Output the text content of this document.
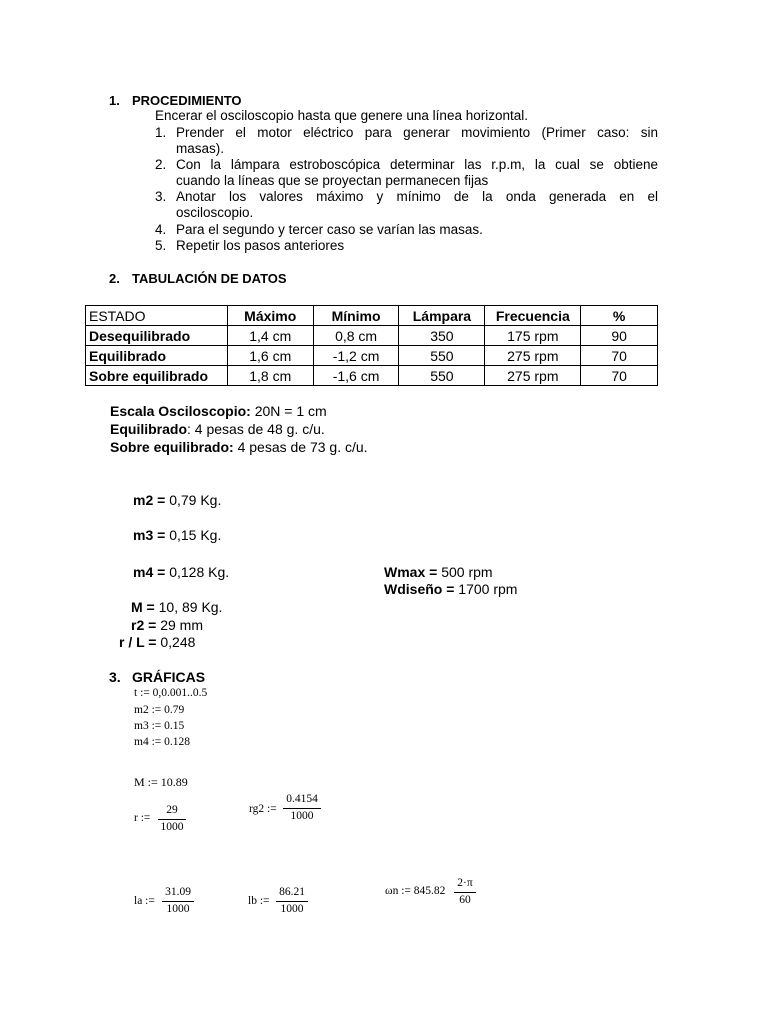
1. PROCEDIMIENTO
Encerar el osciloscopio hasta que genere una línea horizontal.
1. Prender el motor eléctrico para generar movimiento (Primer caso: sin
masas).
2. Con la lámpara estroboscópica determinar las r.p.m, la cual se obtiene
cuando la líneas que se proyectan permanecen fijas
3. Anotar los valores máximo y mínimo de la onda generada en el
osciloscopio.
4. Para el segundo y tercer caso se varían las masas.
5. Repetir los pasos anteriores
2. TABULACIÓN DE DATOS
ESTADO	Máximo	Mínimo	Lámpara	Frecuencia	%
Desequilibrado	1,4 cm	0,8 cm	350	175 rpm	90
Equilibrado	1,6 cm	-1,2 cm	550	275 rpm	70
Sobre equilibrado	1,8 cm	-1,6 cm	550	275 rpm	70
Escala Osciloscopio: 20N = 1 cm
Equilibrado: 4 pesas de 48 g. c/u.
Sobre equilibrado: 4 pesas de 73 g. c/u.
m2 = 0,79 Kg.
m3 = 0,15 Kg.
m4 = 0,128 Kg.
M = 10, 89 Kg.
r2 = 29 mm
r / L = 0,248
Wmax = 500 rpm
Wdiseño = 1700 rpm
3. GRÁFICAS
t := 0,0.001..0.5
m2 := 0.79
m3 := 0.15
m4 := 0.128
M := 10.89
r :=
29
1000
rg2 :=
0.4154
1000
la :=
31.09
1000
lb :=
86.21
1000
ωn := 845.82
2·π
60
